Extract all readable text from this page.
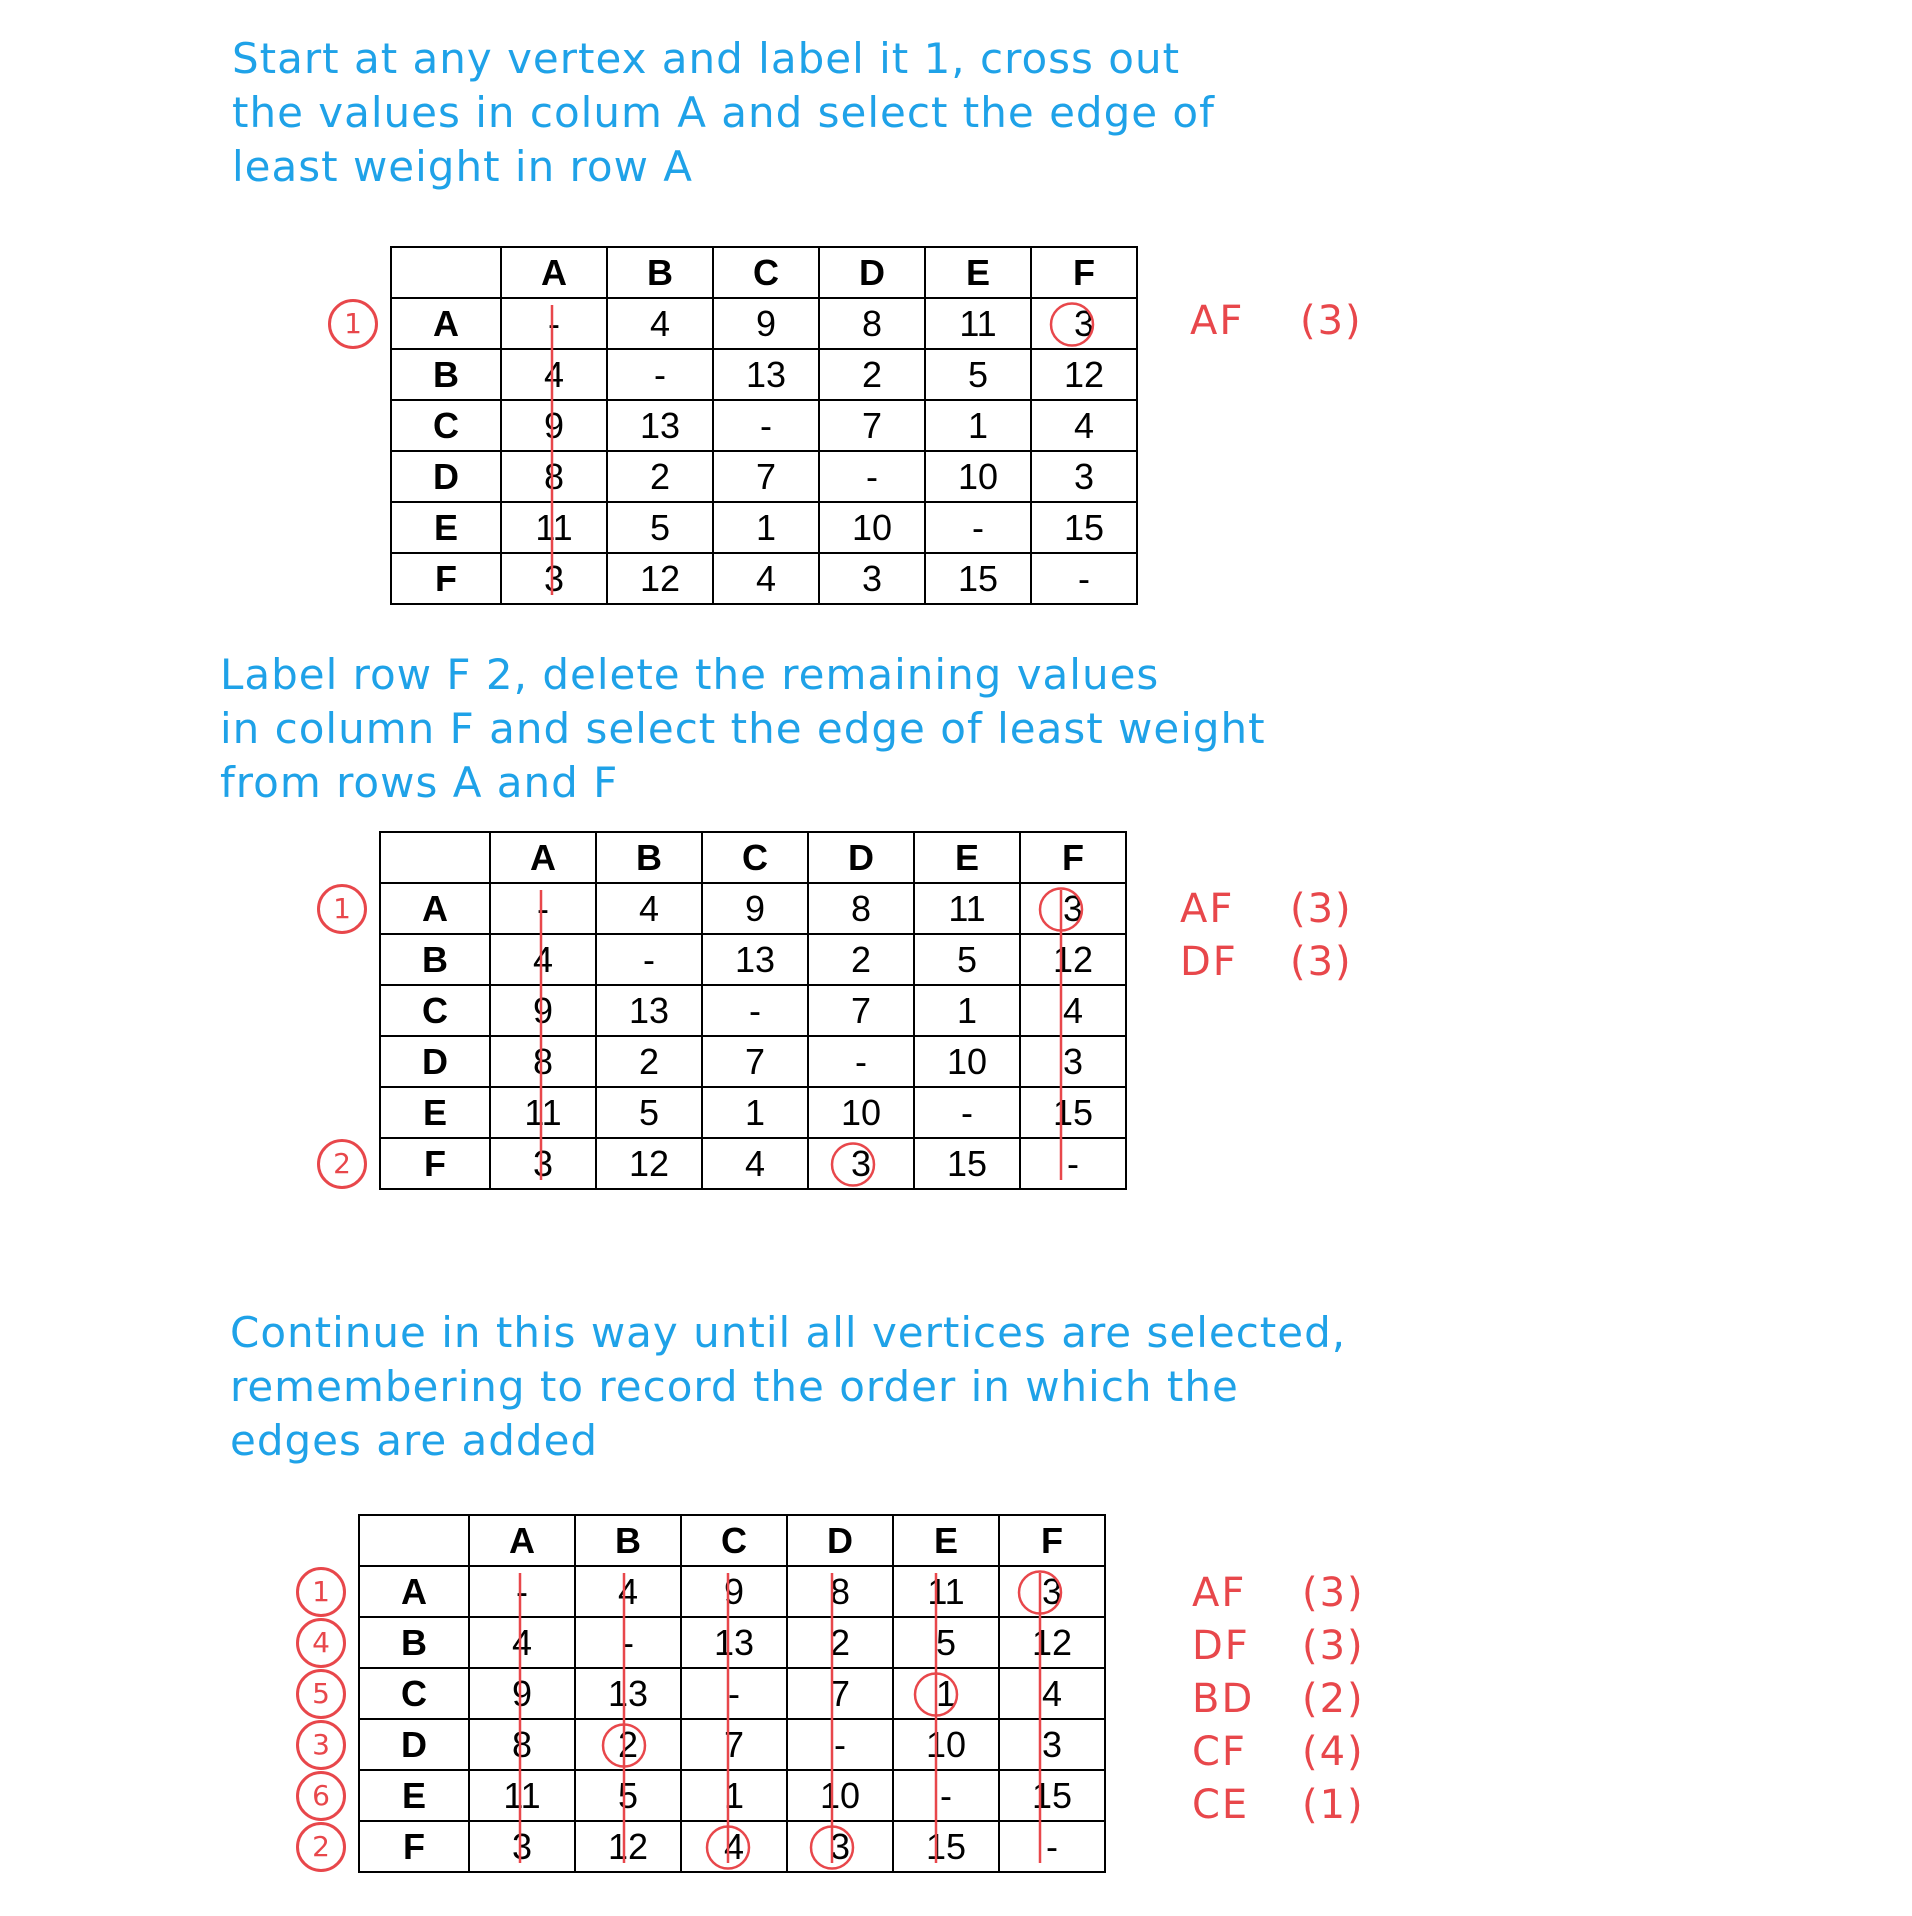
Start at any vertex and label it 1, cross out
the values in colum A and select the edge of
least weight in row A
Label row F 2, delete the remaining values
in column F and select the edge of least weight
from rows A and F
Continue in this way until all vertices are selected,
remembering to record the order in which the
edges are added
	A	B	C	D	E	F
A	-	4	9	8	11	3
B	4	-	13	2	5	12
C	9	13	-	7	1	4
D	8	2	7	-	10	3
E	11	5	1	10	-	15
F	3	12	4	3	15	-
	A	B	C	D	E	F
A	-	4	9	8	11	3
B	4	-	13	2	5	12
C	9	13	-	7	1	4
D	8	2	7	-	10	3
E	11	5	1	10	-	15
F	3	12	4	3	15	-
	A	B	C	D	E	F
A	-	4	9	8	11	3
B	4	-	13	2	5	12
C	9	13	-	7	1	4
D	8	2	7	-	10	3
E	11	5	1	10	-	15
F	3	12	4	3	15	-
1
1
2
1
4
5
3
6
2
AF (3)
AF (3)
DF (3)
AF (3)
DF (3)
BD (2)
CF (4)
CE (1)
